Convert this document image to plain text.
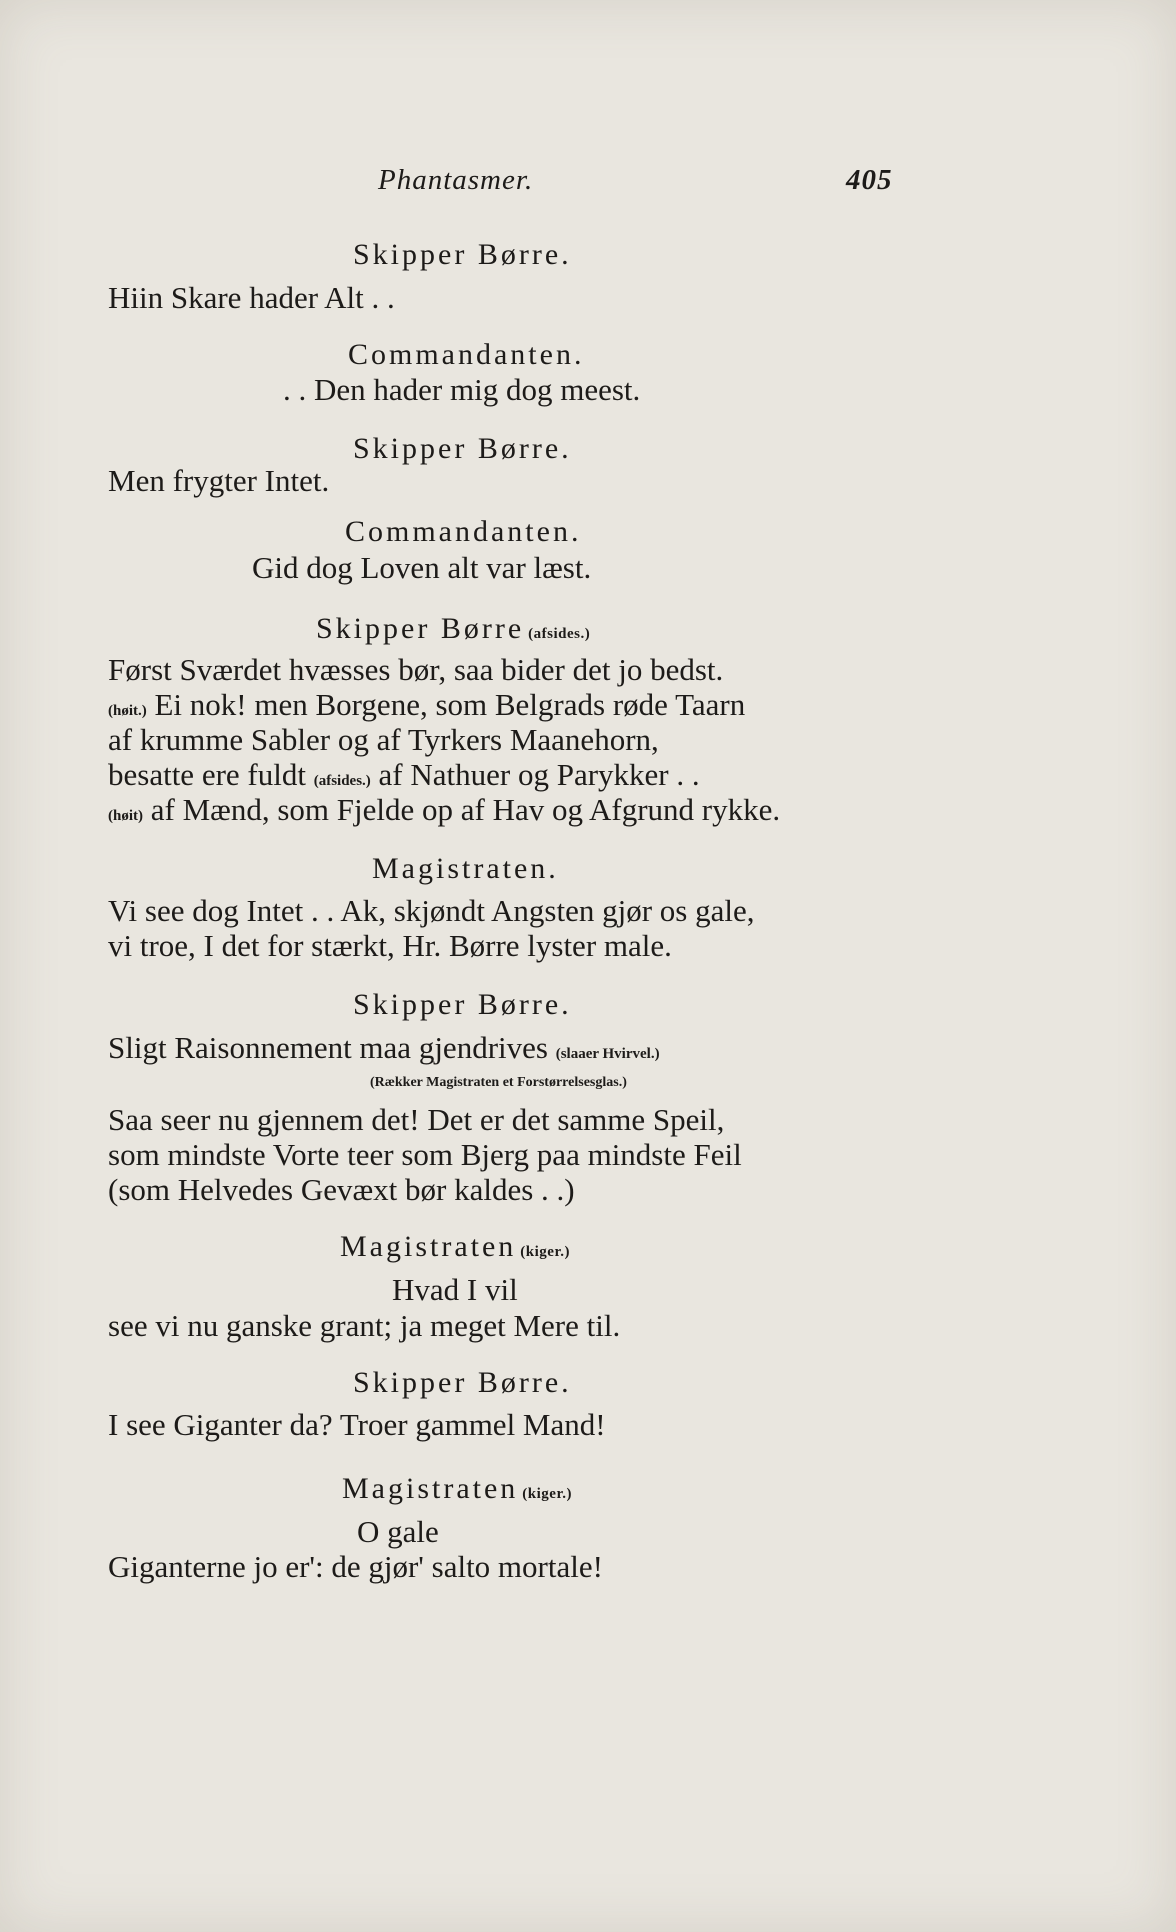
Phantasmer.	405
Skipper Børre.
Hiin Skare hader Alt . .
Commandanten.
. . Den hader mig dog meest.
Skipper Børre.
Men frygter Intet.
Commandanten.
Gid dog Loven alt var læst.
Skipper Børre (afsides.)
Først Sværdet hvæsses bør, saa bider det jo bedst.
(høit.) Ei nok! men Borgene, som Belgrads røde Taarn
af krumme Sabler og af Tyrkers Maanehorn,
besatte ere fuldt (afsides.) af Nathuer og Parykker . .
(høit) af Mænd, som Fjelde op af Hav og Afgrund rykke.
Magistraten.
Vi see dog Intet . . Ak, skjøndt Angsten gjør os gale,
vi troe, I det for stærkt, Hr. Børre lyster male.
Skipper Børre.
Sligt Raisonnement maa gjendrives (slaaer Hvirvel.)
(Rækker Magistraten et Forstørrelsesglas.)
Saa seer nu gjennem det! Det er det samme Speil,
som mindste Vorte teer som Bjerg paa mindste Feil
(som Helvedes Gevæxt bør kaldes . .)
Magistraten (kiger.)
Hvad I vil
see vi nu ganske grant; ja meget Mere til.
Skipper Børre.
I see Giganter da? Troer gammel Mand!
Magistraten (kiger.)
O gale
Giganterne jo er': de gjør' salto mortale!
